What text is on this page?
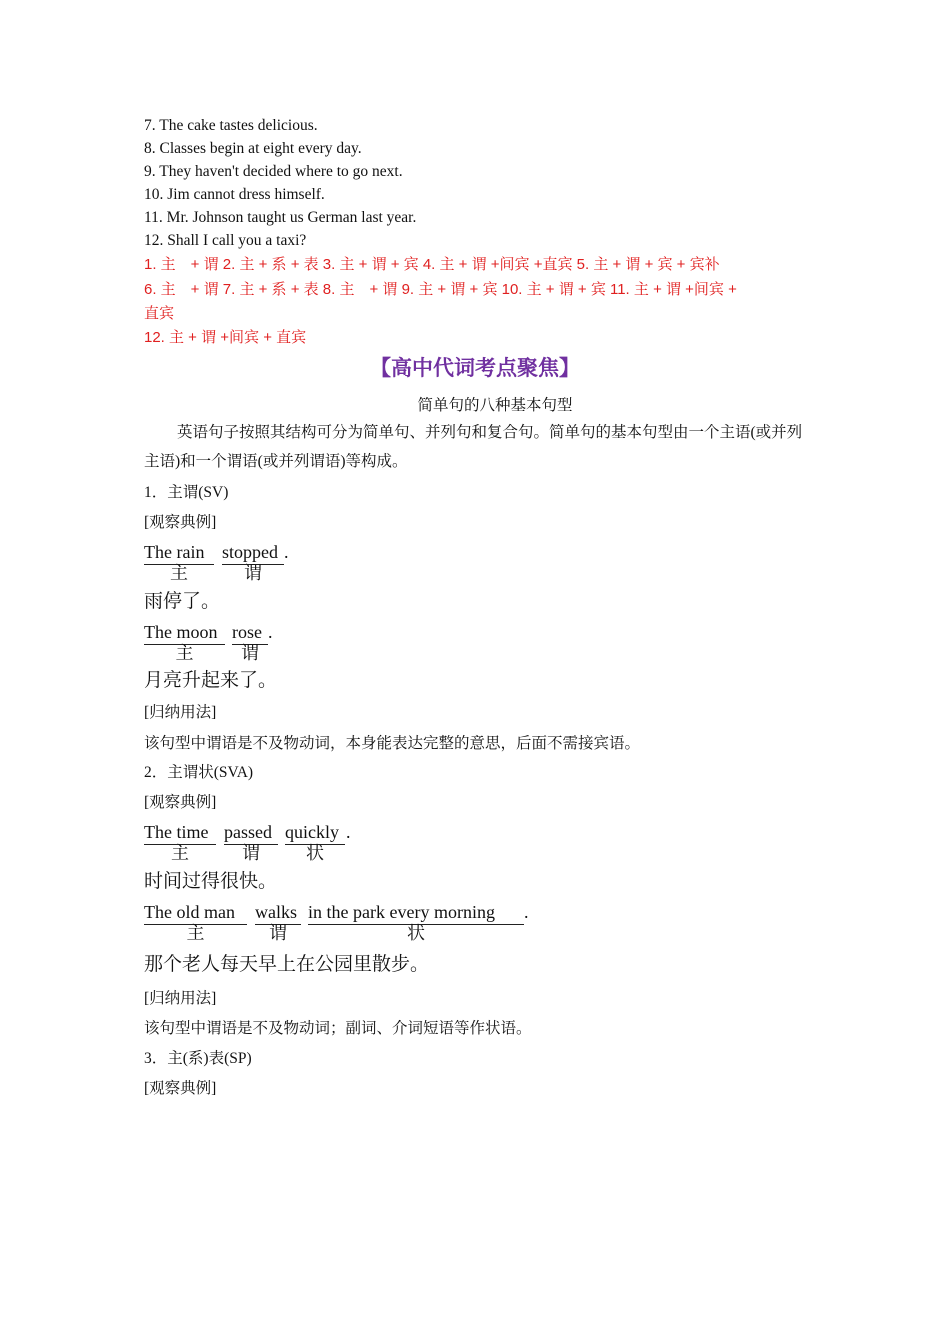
7. The cake tastes delicious.
8. Classes begin at eight every day.
9. They haven't decided where to go next.
10. Jim cannot dress himself.
11. Mr. Johnson taught us German last year.
12. Shall I call you a taxi?
1. 主　+ 谓 2. 主 + 系 + 表 3. 主 + 谓 + 宾 4. 主 + 谓 +间宾 +直宾 5. 主 + 谓 + 宾 + 宾补
6. 主　+ 谓 7. 主 + 系 + 表 8. 主　+ 谓 9. 主 + 谓 + 宾 10. 主 + 谓 + 宾 11. 主 + 谓 +间宾 +
直宾
12. 主 + 谓 +间宾 + 直宾
【高中代词考点聚焦】
简单句的八种基本句型
英语句子按照其结构可分为简单句、并列句和复合句。简单句的基本句型由一个主语(或并列主语)和一个谓语(或并列谓语)等构成。
1．主谓(SV)
[观察典例]
The rain stopped .
主	谓
雨停了。
The moon rose .
主	谓
月亮升起来了。
[归纳用法]
该句型中谓语是不及物动词，本身能表达完整的意思，后面不需接宾语。
2．主谓状(SVA)
[观察典例]
The time passed quickly .
主	谓	状
时间过得很快。
The old man	walks in the park every morning	.
主	谓	状
那个老人每天早上在公园里散步。
[归纳用法]
该句型中谓语是不及物动词；副词、介词短语等作状语。
3．主(系)表(SP)
[观察典例]
